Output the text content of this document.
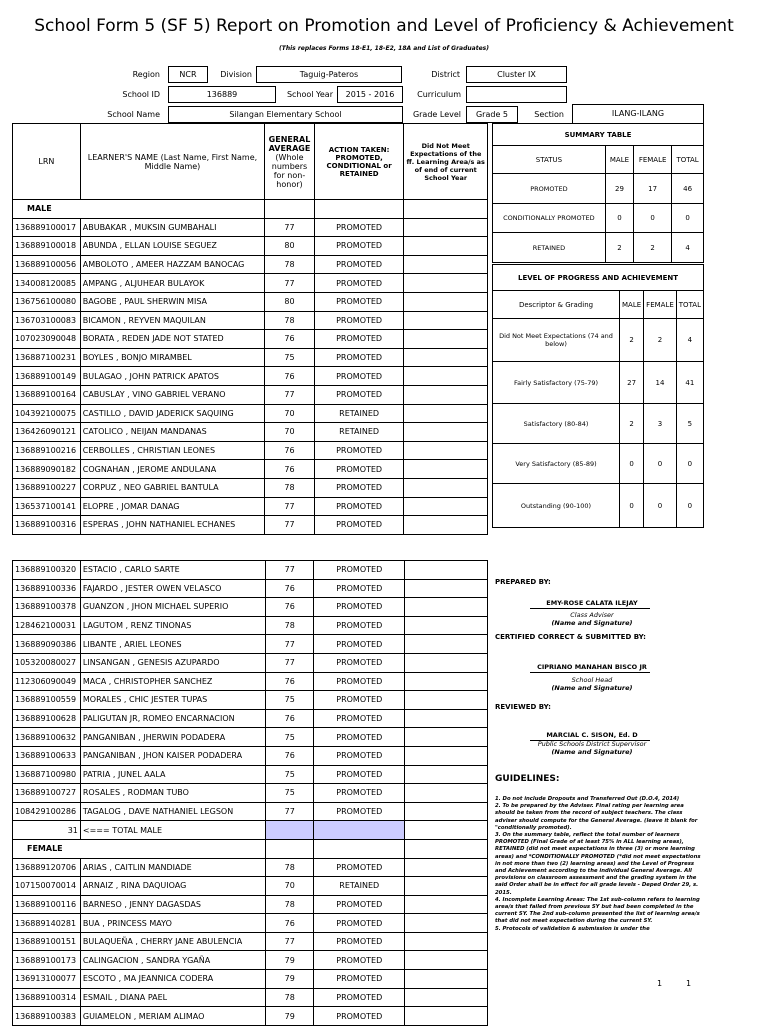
School Form 5 (SF 5) Report on Promotion and Level of Proficiency & Achievement
(This replaces Forms 18-E1, 18-E2, 18A and List of Graduates)
Region	NCR	Division	Taguig-Pateros	District	Cluster IX
School ID	136889	School Year	2015 - 2016	Curriculum
School Name	Silangan Elementary School	Grade Level	Grade 5	Section	ILANG-ILANG
LRN	LEARNER'S NAME (Last Name, First Name, Middle Name)	GENERAL AVERAGE (Whole numbers for non-honor)	ACTION TAKEN: PROMOTED, CONDITIONAL or RETAINED	Did Not Meet Expectations of the ff. Learning Area/s as of end of current School Year
MALE				
136889100017	ABUBAKAR , MUKSIN GUMBAHALI	77	PROMOTED	
136889100018	ABUNDA , ELLAN LOUISE SEGUEZ	80	PROMOTED	
136889100056	AMBOLOTO , AMEER HAZZAM BANOCAG	78	PROMOTED	
134008120085	AMPANG , ALJUHEAR BULAYOK	77	PROMOTED	
136756100080	BAGOBE , PAUL SHERWIN MISA	80	PROMOTED	
136703100083	BICAMON , REYVEN MAQUILAN	78	PROMOTED	
107023090048	BORATA , REDEN JADE NOT STATED	76	PROMOTED	
136887100231	BOYLES , BONJO MIRAMBEL	75	PROMOTED	
136889100149	BULAGAO , JOHN PATRICK APATOS	76	PROMOTED	
136889100164	CABUSLAY , VINO GABRIEL VERANO	77	PROMOTED	
104392100075	CASTILLO , DAVID JADERICK SAQUING	70	RETAINED	
136426090121	CATOLICO , NEIJAN MANDANAS	70	RETAINED	
136889100216	CERBOLLES , CHRISTIAN LEONES	76	PROMOTED	
136889090182	COGNAHAN , JEROME ANDULANA	76	PROMOTED	
136889100227	CORPUZ , NEO GABRIEL BANTULA	78	PROMOTED	
136537100141	ELOPRE , JOMAR DANAG	77	PROMOTED	
136889100316	ESPERAS , JOHN NATHANIEL ECHANES	77	PROMOTED	
SUMMARY TABLE			
STATUS	MALE	FEMALE	TOTAL
PROMOTED	29	17	46
CONDITIONALLY PROMOTED	0	0	0
RETAINED	2	2	4
LEVEL OF PROGRESS AND ACHIEVEMENT			
Descriptor & Grading	MALE	FEMALE	TOTAL
Did Not Meet Expectations (74 and below)	2	2	4
Fairly Satisfactory (75-79)	27	14	41
Satisfactory (80-84)	2	3	5
Very Satisfactory (85-89)	0	0	0
Outstanding (90-100)	0	0	0
136889100320	ESTACIO , CARLO SARTE	77	PROMOTED	
136889100336	FAJARDO , JESTER OWEN VELASCO	76	PROMOTED	
136889100378	GUANZON , JHON MICHAEL SUPERIO	76	PROMOTED	
128462100031	LAGUTOM , RENZ TINONAS	78	PROMOTED	
136889090386	LIBANTE , ARIEL LEONES	77	PROMOTED	
105320080027	LINSANGAN , GENESIS AZUPARDO	77	PROMOTED	
112306090049	MACA , CHRISTOPHER SANCHEZ	76	PROMOTED	
136889100559	MORALES , CHIC JESTER TUPAS	75	PROMOTED	
136889100628	PALIGUTAN JR, ROMEO ENCARNACION	76	PROMOTED	
136889100632	PANGANIBAN , JHERWIN PODADERA	75	PROMOTED	
136889100633	PANGANIBAN , JHON KAISER PODADERA	76	PROMOTED	
136887100980	PATRIA , JUNEL AALA	75	PROMOTED	
136889100727	ROSALES , RODMAN TUBO	75	PROMOTED	
108429100286	TAGALOG , DAVE NATHANIEL LEGSON	77	PROMOTED	
31	<=== TOTAL MALE			
FEMALE				
136889120706	ARIAS , CAITLIN MANDIADE	78	PROMOTED	
107150070014	ARNAIZ , RINA DAQUIOAG	70	RETAINED	
136889100116	BARNESO , JENNY DAGASDAS	78	PROMOTED	
136889140281	BUA , PRINCESS MAYO	76	PROMOTED	
136889100151	BULAQUEÑA , CHERRY JANE ABULENCIA	77	PROMOTED	
136889100173	CALINGACION , SANDRA YGAÑA	79	PROMOTED	
136913100077	ESCOTO , MA JEANNICA CODERA	79	PROMOTED	
136889100314	ESMAIL , DIANA PAEL	78	PROMOTED	
136889100383	GUIAMELON , MERIAM ALIMAO	79	PROMOTED	
PREPARED BY:
EMY-ROSE CALATA ILEJAY
Class Adviser
(Name and Signature)
CERTIFIED CORRECT & SUBMITTED BY:
CIPRIANO MANAHAN BISCO JR
School Head
(Name and Signature)
REVIEWED BY:
MARCIAL C. SISON, Ed. D
Public Schools District Supervisor
(Name and Signature)
GUIDELINES:
1. Do not include Dropouts and Transferred Out (D.O.4, 2014)
2. To be prepared by the Adviser. Final rating per learning area should be taken from the record of subject teachers. The class adviser should compute for the General Average. (leave it blank for "conditionally promoted).
3. On the summary table, reflect the total number of learners PROMOTED (Final Grade of at least 75% in ALL learning areas), RETAINED (did not meet expectations in three (3) or more learning areas) and *CONDITIONALLY PROMOTED (*did not meet expectations in not more than two (2) learning areas) and the Level of Progress and Achievement according to the individual General Average. All provisions on classroom assessment and the grading system in the said Order shall be in effect for all grade levels - Deped Order 29, s. 2015.
4. Incomplete Learning Areas: The 1st sub-column refers to learning area/s that failed from previous SY but had been completed in the current SY. The 2nd sub-column presented the list of learning area/s that did not meet expectation during the current SY.
5. Protocols of validation & submission is under the
1	1
